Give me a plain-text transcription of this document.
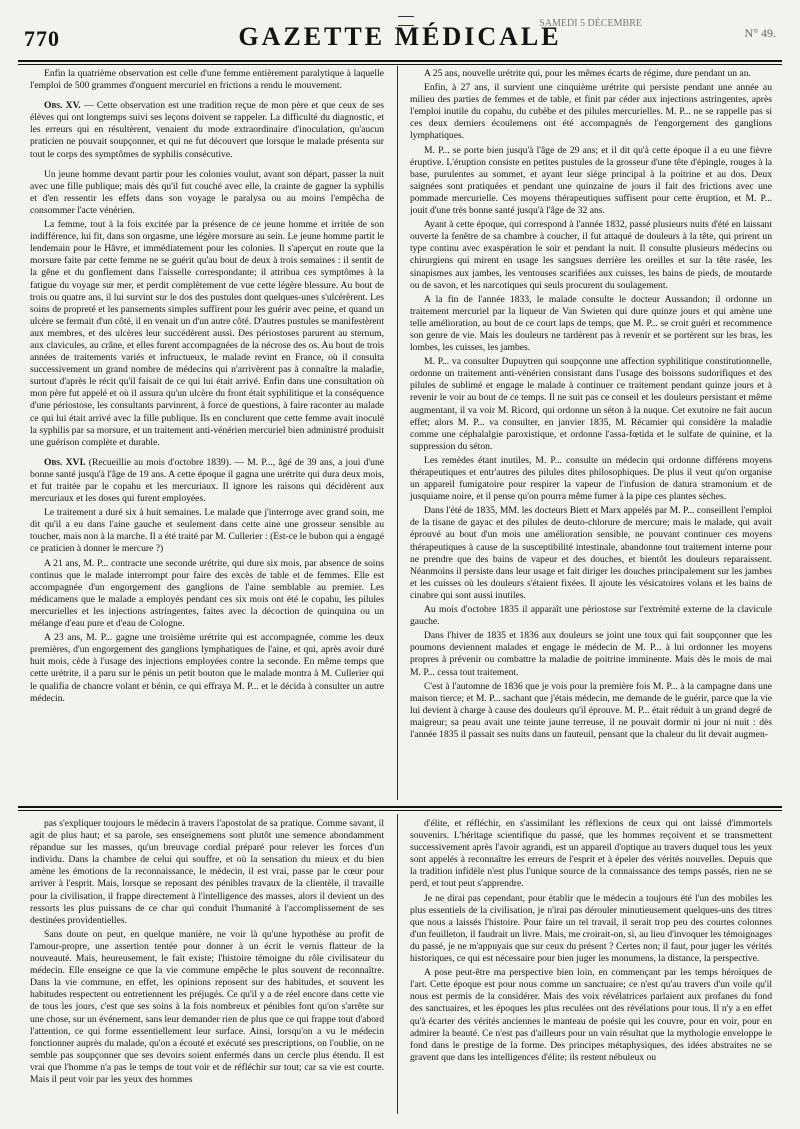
770	GAZETTE MÉDICALE
SAMEDI 5 DÉCEMBRE
N° 49.

Enfin la quatrième observation est celle d'une femme entièrement paralytique à laquelle l'emploi de 500 grammes d'onguent mercuriel en frictions a rendu le mouvement.

Obs. XV. — Cette observation est une tradition reçue de mon père et que ceux de ses élèves qui ont longtemps suivi ses leçons doivent se rappeler. La difficulté du diagnostic, et les erreurs qui en résultèrent, venaient du mode extraordinaire d'inoculation, qu'aucun praticien ne pouvait soupçonner, et qui ne fut découvert que lorsque le malade présenta sur tout le corps des symptômes de syphilis consécutive.

Un jeune homme devant partir pour les colonies voulut, avant son départ, passer la nuit avec une fille publique; mais dès qu'il fut couché avec elle, la crainte de gagner la syphilis et d'en ressentir les effets dans son voyage le paralysa ou au moins l'empêcha de consommer l'acte vénérien.

La femme, tout à la fois excitée par la présence de ce jeune homme et irritée de son indifférence, lui fit, dans son orgasme, une légère morsure au sein. Le jeune homme partit le lendemain pour le Hâvre, et immédiatement pour les colonies. Il s'aperçut en route que la morsure faite par cette femme ne se guérit qu'au bout de deux à trois semaines : il sentit de la gêne et du gonflement dans l'aisselle correspondante; il attribua ces symptômes à la fatigue du voyage sur mer, et perdit complètement de vue cette légère blessure. Au bout de trois ou quatre ans, il lui survint sur le dos des pustules dont quelques-unes s'ulcérèrent. Les soins de propreté et les pansements simples suffirent pour les guérir avec peine, et quand un ulcère se fermait d'un côté, il en venait un d'un autre côté. D'autres pustules se manifestèrent aux membres, et des ulcères leur succédèrent aussi. Des périostoses parurent au sternum, aux clavicules, au crâne, et elles furent accompagnées de la nécrose des os. Au bout de trois années de traitements variés et infructueux, le malade revint en France, où il consulta successivement un grand nombre de médecins qui n'arrivèrent pas à connaître la maladie, surtout d'après le récit qu'il faisait de ce qui lui était arrivé. Enfin dans une consultation où mon père fut appelé et où il assura qu'un ulcère du front était syphilitique et la conséquence d'une périostose, les consultants parvinrent, à force de questions, à faire raconter au malade ce qui lui était arrivé avec la fille publique. Ils en conclurent que cette femme avait inoculé la syphilis par sa morsure, et un traitement anti-vénérien mercuriel bien administré produisit une guérison complète et durable.

Obs. XVI. (Recueillie au mois d'octobre 1839). — M. P..., âgé de 39 ans, a joui d'une bonne santé jusqu'à l'âge de 19 ans. A cette époque il gagna une urétrite qui dura deux mois, et fut traitée par le copahu et les mercuriaux. Il ignore les raisons qui décidèrent aux mercuriaux et les doses qui furent employées.

Le traitement a duré six à huit semaines. Le malade que j'interroge avec grand soin, me dit qu'il a eu dans l'aine gauche et seulement dans cette aine une grosseur sensible au toucher, mais non à la marche. Il a été traité par M. Cullerier : (Est-ce le bubon qui a engagé ce praticien à donner le mercure ?)

A 21 ans, M. P... contracte une seconde urétrite, qui dure six mois, par absence de soins continus que le malade interrompt pour faire des excès de table et de femmes. Elle est accompagnée d'un engorgement des ganglions de l'aine semblable au premier. Les médicamens que le malade a employés pendant ces six mois ont été le copahu, les pilules mercurielles et les injections astringentes, faites avec la décoction de quinquina ou un mélange d'eau pure et d'eau de Cologne.

A 23 ans, M. P... gagne une troisième urétrite qui est accompagnée, comme les deux premières, d'un engorgement des ganglions lymphatiques de l'aine, et qui, après avoir duré huit mois, cède à l'usage des injections employées contre la seconde. En même temps que cette urétrite, il a paru sur le pénis un petit bouton que le malade montra à M. Cullerier qui le qualifia de chancre volant et bénin, ce qui effraya M. P... et le décida à consulter un autre médecin.

A 25 ans, nouvelle urétrite qui, pour les mêmes écarts de régime, dure pendant un an.

Enfin, à 27 ans, il survient une cinquième urétrite qui persiste pendant une année au milieu des parties de femmes et de table, et finit par céder aux injections astringentes, après l'emploi inutile du copahu, du cubèbe et des pilules mercurielles. M. P... ne se rappelle pas si ces deux derniers écoulemens ont été accompagnés de l'engorgement des ganglions lymphatiques.

M. P... se porte bien jusqu'à l'âge de 29 ans; et il dit qu'à cette époque il a eu une fièvre éruptive. L'éruption consiste en petites pustules de la grosseur d'une tête d'épingle, rouges à la base, purulentes au sommet, et ayant leur siège principal à la poitrine et au dos. Deux saignées sont pratiquées et pendant une quinzaine de jours il fait des frictions avec une pommade mercurielle. Ces moyens thérapeutiques suffisent pour cette éruption, et M. P... jouit d'une très bonne santé jusqu'à l'âge de 32 ans.

Ayant à cette époque, qui correspond à l'année 1832, passé plusieurs nuits d'été en laissant ouverte la fenêtre de sa chambre à coucher, il fut attaqué de douleurs à la tête, qui prirent un type continu avec exaspération le soir et pendant la nuit. Il consulte plusieurs médecins ou chirurgiens qui mirent en usage les sangsues derrière les oreilles et sur la tête rasée, les sinapismes aux jambes, les ventouses scarifiées aux cuisses, les bains de pieds, de moutarde ou de savon, et les narcotiques qui seuls procurent du soulagement.

A la fin de l'année 1833, le malade consulte le docteur Aussandon; il ordonne un traitement mercuriel par la liqueur de Van Swieten qui dure quinze jours et qui amène une telle amélioration, au bout de ce court laps de temps, que M. P... se croit guéri et recommence son genre de vie. Mais les douleurs ne tardèrent pas à revenir et se portèrent sur les bras, les lombes, les cuisses, les jambes.

M. P... va consulter Dupuytren qui soupçonne une affection syphilitique constitutionnelle, ordonne un traitement anti-vénérien consistant dans l'usage des boissons sudorifiques et des pilules de sublimé et engage le malade à continuer ce traitement pendant quinze jours et à revenir le voir au bout de ce temps. Il ne suit pas ce conseil et les douleurs persistant et même augmentant, il va voir M. Ricord, qui ordonne un séton à la nuque. Cet exutoire ne fait aucun effet; alors M. P... va consulter, en janvier 1835, M. Récamier qui considère la maladie comme une céphalalgie paroxistique, et ordonne l'assa-fœtida et le sulfate de quinine, et la suppression du séton.

Les remèdes étant inutiles, M. P... consulte un médecin qui ordonne différens moyens thérapeutiques et entr'autres des pilules dites philosophiques. De plus il veut qu'on organise un appareil fumigatoire pour respirer la vapeur de l'infusion de datura stramonium et de jusquiame noire, et il pense qu'on pourra même fumer à la pipe ces plantes sèches.

Dans l'été de 1835, MM. les docteurs Biett et Marx appelés par M. P... conseillent l'emploi de la tisane de gayac et des pilules de deuto-chlorure de mercure; mais le malade, qui avait éprouvé au bout d'un mois une amélioration sensible, ne pouvant continuer ces moyens thérapeutiques à cause de la susceptibilité intestinale, abandonne tout traitement interne pour ne prendre que des bains de vapeur et des douches, et bientôt les douleurs reparaissent. Néanmoins il persiste dans leur usage et fait diriger les douches principalement sur les jambes et les cuisses où les douleurs s'étaient fixées. Il ajoute les vésicatoires volans et les bains de cinabre qui sont aussi inutiles.

Au mois d'octobre 1835 il apparaît une périostose sur l'extrémité externe de la clavicule gauche.

Dans l'hiver de 1835 et 1836 aux douleurs se joint une toux qui fait soupçonner que les poumons deviennent malades et engage le médecin de M. P... à lui ordonner les moyens propres à prévenir ou combattre la maladie de poitrine imminente. Mais dès le mois de mai M. P... cessa tout traitement.

C'est à l'automne de 1836 que je vois pour la première fois M. P... à la campagne dans une maison tierce; et M. P... sachant que j'étais médecin, me demande de le guérir, parce que la vie lui devient à charge à cause des douleurs qu'il éprouve. M. P... était réduit à un grand degré de maigreur; sa peau avait une teinte jaune terreuse, il ne pouvait dormir ni jour ni nuit : dès l'année 1835 il passait ses nuits dans un fauteuil, pensant que la chaleur du lit devait augmen-

pas s'expliquer toujours le médecin à travers l'apostolat de sa pratique. Comme savant, il agit de plus haut; et sa parole, ses enseignemens sont plutôt une semence abondamment répandue sur les masses, qu'un breuvage cordial préparé pour relever les forces d'un individu. Dans la chambre de celui qui souffre, et où la sensation du mieux et du bien amène les émotions de la reconnaissance, le médecin, il est vrai, passe par le cœur pour arriver à l'esprit. Mais, lorsque se reposant des pénibles travaux de la clientèle, il travaille pour la civilisation, il frappe directement à l'intelligence des masses, alors il devient un des ressorts les plus puissans de ce char qui conduit l'humanité à l'accomplissement de ses destinées providentielles.

Sans doute on peut, en quelque manière, ne voir là qu'une hypothèse au profit de l'amour-propre, une assertion tentée pour donner à un écrit le vernis flatteur de la nouveauté. Mais, heureusement, le fait existe; l'histoire témoigne du rôle civilisateur du médecin. Elle enseigne ce que la vie commune empêche le plus souvent de reconnaître. Dans la vie commune, en effet, les opinions reposent sur des habitudes, et souvent les habitudes respectent ou entretiennent les préjugés. Ce qu'il y a de réel encore dans cette vie de tous les jours, c'est que ses soins à la fois nombreux et pénibles font qu'on s'arrête sur une chose, sur un événement, sans leur demander rien de plus que ce qui frappe tout d'abord l'attention, ce qui forme essentiellement leur surface. Ainsi, lorsqu'on a vu le médecin fonctionner auprès du malade, qu'on a écouté et exécuté ses prescriptions, on l'oublie, on ne semble pas soupçonner que ses devoirs soient enfermés dans un cercle plus étendu. Il est vrai que l'homme n'a pas le temps de tout voir et de réfléchir sur tout; car sa vie est courte. Mais il peut voir par les yeux des hommes

d'élite, et réfléchir, en s'assimilant les réflexions de ceux qui ont laissé d'immortels souvenirs. L'héritage scientifique du passé, que les hommes reçoivent et se transmettent successivement après l'avoir agrandi, est un appareil d'optique au travers duquel tous les yeux sont appelés à reconnaître les erreurs de l'esprit et à épeler des vérités nouvelles. Depuis que la tradition infidèle n'est plus l'unique source de la connaissance des temps passés, rien ne se perd, et tout peut s'apprendre.

Je ne dirai pas cependant, pour établir que le médecin a toujours été l'un des mobiles les plus essentiels de la civilisation, je n'irai pas dérouler minutieusement quelques-uns des titres que nous a laissés l'histoire. Pour faire un tel travail, il serait trop peu des courtes colonnes d'un feuilleton, il faudrait un livre. Mais, me croirait-on, si, au lieu d'invoquer les témoignages du passé, je ne m'appuyais que sur ceux du présent ? Certes non; il faut, pour juger les vérités historiques, ce qui est nécessaire pour bien juger les monumens, la distance, la perspective.

A pose peut-être ma perspective bien loin, en commençant par les temps héroïques de l'art. Cette époque est pour nous comme un sanctuaire; ce n'est qu'au travers d'un voile qu'il nous est permis de la considérer. Mais des voix révélatrices parlaient aux profanes du fond des sanctuaires, et les époques les plus reculées ont des révélations pour tous. Il n'y a en effet qu'à écarter des vérités anciennes le manteau de poésie qui les couvre, pour en voir, pour en admirer la beauté. Ce n'est pas d'ailleurs pour un vain résultat que la mythologie enveloppe le fond dans le prestige de la forme. Des principes métaphysiques, des idées abstraites ne se gravent que dans les intelligences d'élite; ils restent nébuleux ou
